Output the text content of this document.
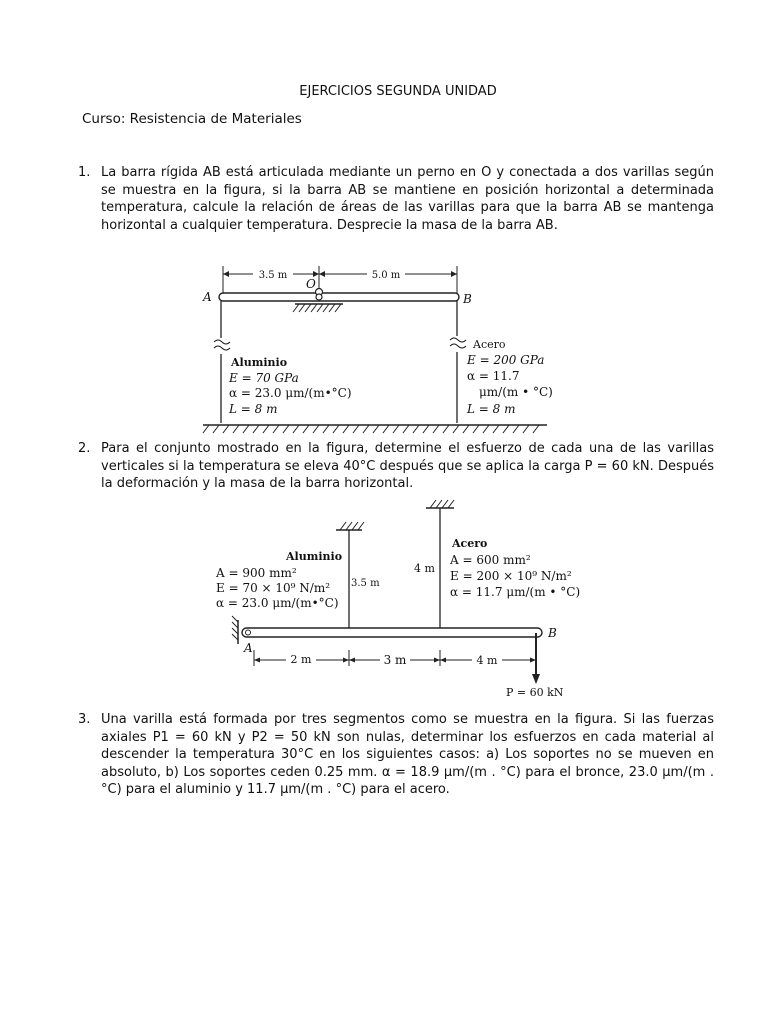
EJERCICIOS SEGUNDA UNIDAD
Curso: Resistencia de Materiales
1. La barra rígida AB está articulada mediante un perno en O y conectada a dos varillas según se muestra en la figura, si la barra AB se mantiene en posición horizontal a determinada temperatura, calcule la relación de áreas de las varillas para que la barra AB se mantenga horizontal a cualquier temperatura. Desprecie la masa de la barra AB.
3.5 m	5.0 m
A	B
O
Aluminio
E = 70 GPa
α = 23.0 μm/(m•°C)
L = 8 m
Acero
E = 200 GPa
α = 11.7
μm/(m • °C)
L = 8 m
2. Para el conjunto mostrado en la figura, determine el esfuerzo de cada una de las varillas verticales si la temperatura se eleva 40°C después que se aplica la carga P = 60 kN. Después la deformación y la masa de la barra horizontal.
3.5 m
4 m
Aluminio
A = 900 mm²
E = 70 × 10⁹ N/m²
α = 23.0 μm/(m•°C)
Acero
A = 600 mm²
E = 200 × 10⁹ N/m²
α = 11.7 μm/(m • °C)
A
B
2 m	3 m	4 m
P = 60 kN
3. Una varilla está formada por tres segmentos como se muestra en la figura. Si las fuerzas axiales P1 = 60 kN y P2 = 50 kN son nulas, determinar los esfuerzos en cada material al descender la temperatura 30°C en los siguientes casos: a) Los soportes no se mueven en absoluto, b) Los soportes ceden 0.25 mm. α = 18.9 μm/(m . °C) para el bronce, 23.0 μm/(m . °C) para el aluminio y 11.7 μm/(m . °C) para el acero.
